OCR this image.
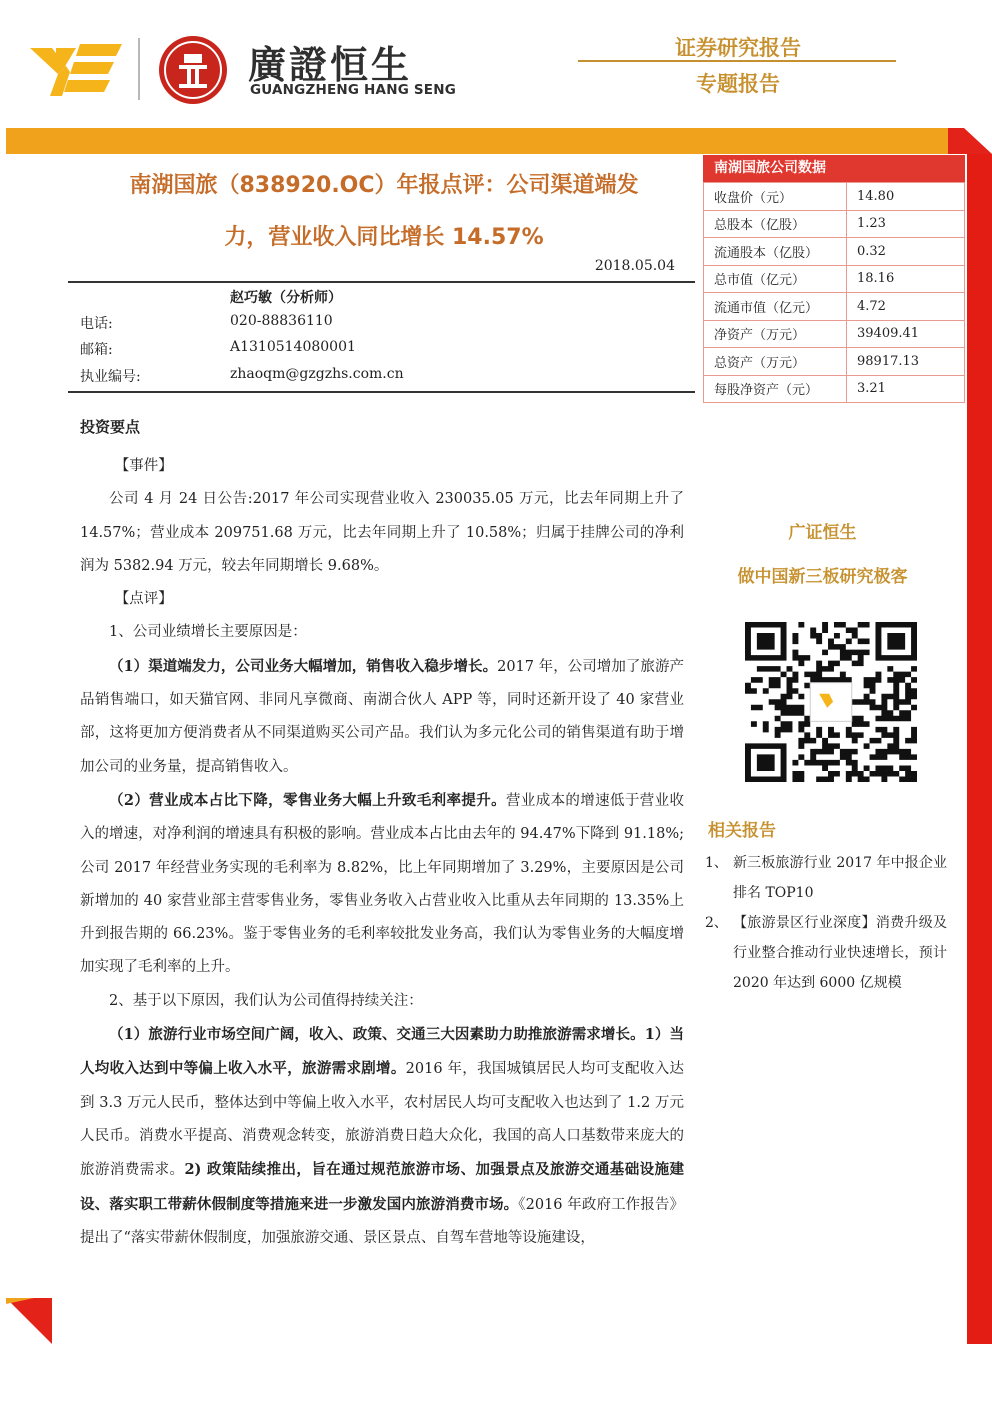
廣證恒生
GUANGZHENG HANG SENG
证券研究报告
专题报告
南湖国旅（838920.OC）年报点评：公司渠道端发
力，营业收入同比增长 14.57%
2018.05.04
赵巧敏（分析师）
电话:	020-88836110
邮箱:	A1310514080001
执业编号:	zhaoqm@gzgzhs.com.cn
南湖国旅公司数据
收盘价（元）	14.80
总股本（亿股）	1.23
流通股本（亿股）	0.32
总市值（亿元）	18.16
流通市值（亿元）	4.72
净资产（万元）	39409.41
总资产（万元）	98917.13
每股净资产（元）	3.21
投资要点

【事件】

公司 4 月 24 日公告:2017 年公司实现营业收入 230035.05 万元，比去年同期上升了 14.57%；营业成本 209751.68 万元，比去年同期上升了 10.58%；归属于挂牌公司的净利润为 5382.94 万元，较去年同期增长 9.68%。

【点评】

1、公司业绩增长主要原因是：

（1）渠道端发力，公司业务大幅增加，销售收入稳步增长。2017 年，公司增加了旅游产品销售端口，如天猫官网、非同凡享微商、南湖合伙人 APP 等，同时还新开设了 40 家营业部，这将更加方便消费者从不同渠道购买公司产品。我们认为多元化公司的销售渠道有助于增加公司的业务量，提高销售收入。

（2）营业成本占比下降，零售业务大幅上升致毛利率提升。营业成本的增速低于营业收入的增速，对净利润的增速具有积极的影响。营业成本占比由去年的 94.47%下降到 91.18%;公司 2017 年经营业务实现的毛利率为 8.82%，比上年同期增加了 3.29%，主要原因是公司新增加的 40 家营业部主营零售业务，零售业务收入占营业收入比重从去年同期的 13.35%上升到报告期的 66.23%。鉴于零售业务的毛利率较批发业务高，我们认为零售业务的大幅度增加实现了毛利率的上升。

2、基于以下原因，我们认为公司值得持续关注：

（1）旅游行业市场空间广阔，收入、政策、交通三大因素助力助推旅游需求增长。1）当人均收入达到中等偏上收入水平，旅游需求剧增。2016 年，我国城镇居民人均可支配收入达到 3.3 万元人民币，整体达到中等偏上收入水平，农村居民人均可支配收入也达到了 1.2 万元人民币。消费水平提高、消费观念转变，旅游消费日趋大众化，我国的高人口基数带来庞大的旅游消费需求。2) 政策陆续推出，旨在通过规范旅游市场、加强景点及旅游交通基础设施建设、落实职工带薪休假制度等措施来进一步激发国内旅游消费市场。《2016 年政府工作报告》提出了“落实带薪休假制度，加强旅游交通、景区景点、自驾车营地等设施建设，

广证恒生
做中国新三板研究极客
相关报告
1、 新三板旅游行业 2017 年中报企业排名 TOP10
2、 【旅游景区行业深度】消费升级及行业整合推动行业快速增长，预计 2020 年达到 6000 亿规模
